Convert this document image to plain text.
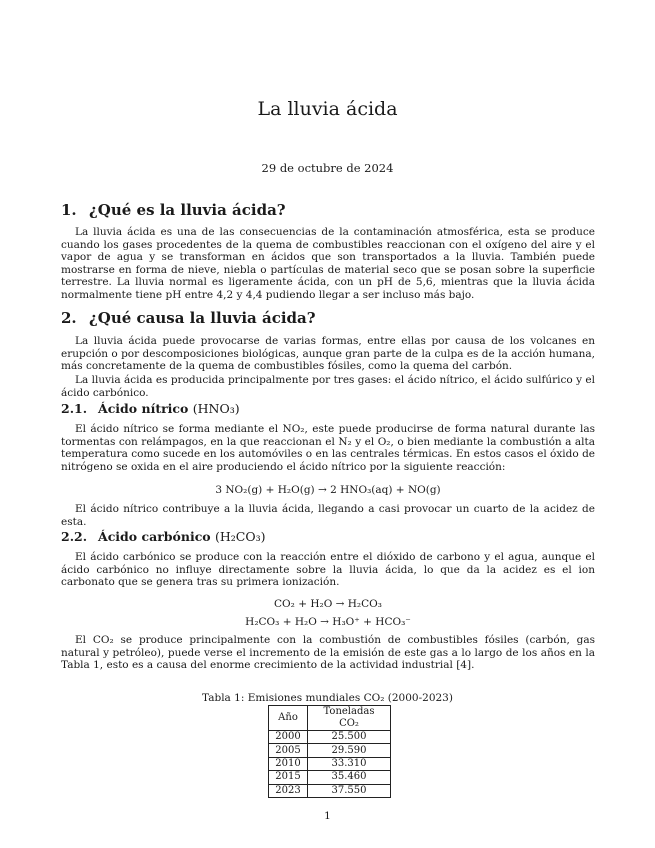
La lluvia ácida
29 de octubre de 2024
1. ¿Qué es la lluvia ácida?
La lluvia ácida es una de las consecuencias de la contaminación atmosférica, esta se produce cuando los gases procedentes de la quema de combustibles reaccionan con el oxígeno del aire y el vapor de agua y se transforman en ácidos que son transportados a la lluvia. También puede mostrarse en forma de nieve, niebla o partículas de material seco que se posan sobre la superficie terrestre. La lluvia normal es ligeramente ácida, con un pH de 5,6, mientras que la lluvia ácida normalmente tiene pH entre 4,2 y 4,4 pudiendo llegar a ser incluso más bajo.
2. ¿Qué causa la lluvia ácida?
La lluvia ácida puede provocarse de varias formas, entre ellas por causa de los volcanes en erupción o por descomposiciones biológicas, aunque gran parte de la culpa es de la acción humana, más concretamente de la quema de combustibles fósiles, como la quema del carbón.
La lluvia ácida es producida principalmente por tres gases: el ácido nítrico, el ácido sulfúrico y el ácido carbónico.
2.1. Ácido nítrico (HNO₃)
El ácido nítrico se forma mediante el NO₂, este puede producirse de forma natural durante las tormentas con relámpagos, en la que reaccionan el N₂ y el O₂, o bien mediante la combustión a alta temperatura como sucede en los automóviles o en las centrales térmicas. En estos casos el óxido de nitrógeno se oxida en el aire produciendo el ácido nítrico por la siguiente reacción:
3 NO₂(g) + H₂O(g) → 2 HNO₃(aq) + NO(g)
El ácido nítrico contribuye a la lluvia ácida, llegando a casi provocar un cuarto de la acidez de esta.
2.2. Ácido carbónico (H₂CO₃)
El ácido carbónico se produce con la reacción entre el dióxido de carbono y el agua, aunque el ácido carbónico no influye directamente sobre la lluvia ácida, lo que da la acidez es el ion carbonato que se genera tras su primera ionización.
CO₂ + H₂O → H₂CO₃
H₂CO₃ + H₂O → H₃O⁺ + HCO₃⁻
El CO₂ se produce principalmente con la combustión de combustibles fósiles (carbón, gas natural y petróleo), puede verse el incremento de la emisión de este gas a lo largo de los años en la Tabla 1, esto es a causa del enorme crecimiento de la actividad industrial [4].
Tabla 1: Emisiones mundiales CO₂ (2000-2023)
Año	Toneladas CO₂
2000	25.500
2005	29.590
2010	33.310
2015	35.460
2023	37.550
1
